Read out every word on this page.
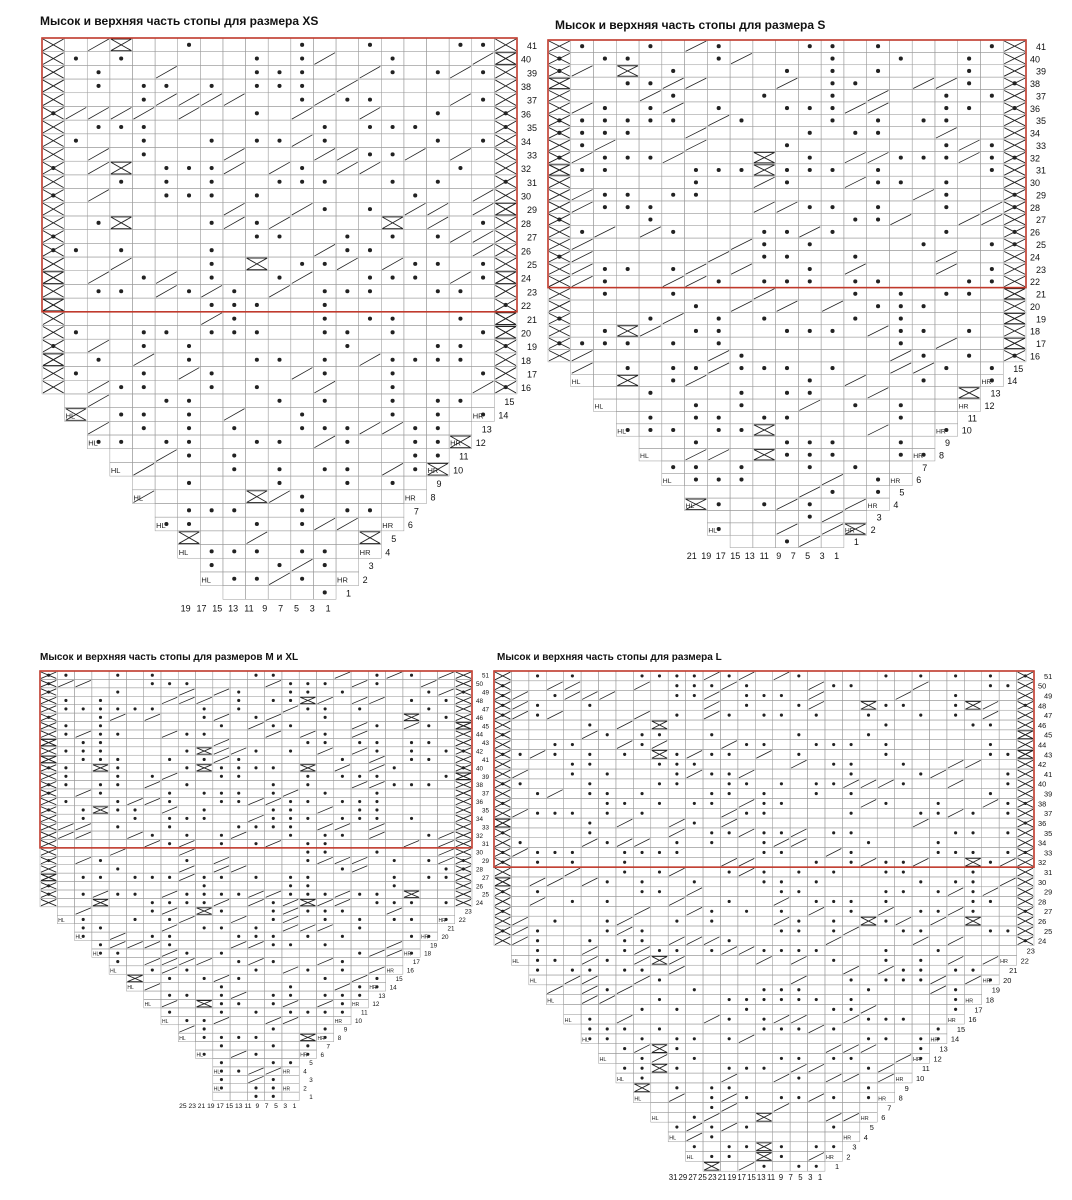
Мысок и верхняя часть стопы для размера XS
1
HL	HR 2
3
HL	HR 4
5
HL	HR 6
7
HL	HR 8
9
HL	HR 10
11
HL	HR 12
13
HL	HR 14
15
16
17
18
19
20
21
22
23
24
25
26
27
28
29
30
31
32
33
34
35
36
37
38
39
40
41
19 17 15 13 11 9 7 5 3 1
1
HL	HR 2
3
HL	HR 4
5
HL	HR 6
7
HL	HR 8
9
HL	HR 10
11
HL	HR 12
13
HL	HR 14
15
16
17
18
19
20
21
22
23
24
25
26
27
28
29
30
31
32
33
34
35
36
37
38
39
40
41
21 19 17 15 13 11 9 7 5 3 1
1
HL	HR 2
3
HL	HR 4
5
HL	HR 6
7
HL	HR 8
9
HL	HR 10
11
HL	HR 12
13
HL	HR 14
15
HL	HR 16
17
HL	HR 18
19
HL	HR 20
21
HL	HR 22
23
24
25
26
27
28
29
30
31
32
33
34
35
36
37
38
39
40
41
42
43
44
45
46
47
48
49
50
51
25 23 21 19 17 15 13 11 9 7 5 3 1
1
HL	HR 2
3
HL	HR 4
5
HL	HR 6
7
HL	HR 8
9
HL	HR 10
11
HL	HR 12
13
HL	HR 14
15
HL	HR 16
17
HL	HR 18
19
HL	HR 20
21
HL	HR 22
23
24
25
26
27
28
29
30
31
32
33
34
35
36
37
38
39
40
41
42
43
44
45
46
47
48
49
50
51
31 29 27 25 23 21 19 17 15 13 11 9 7 5 3 1
Мысок и верхняя часть стопы для размера S
Мысок и верхняя часть стопы для размеров M и XL	Мысок и верхняя часть стопы для размера L
